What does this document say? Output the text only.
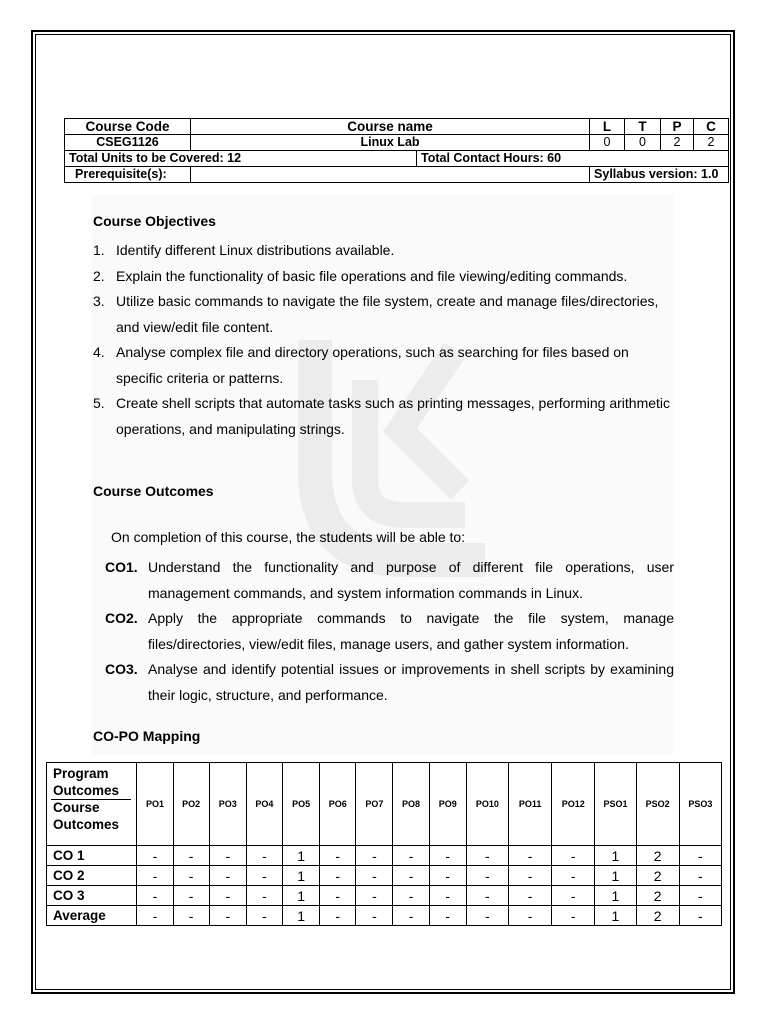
Course Code	Course name		L	T	P	C
CSEG1126	Linux Lab		0	0	2	2
Total Units to be Covered: 12		Total Contact Hours: 60				
Prerequisite(s):			Syllabus version: 1.0			
Course Objectives
1. Identify different Linux distributions available.
2. Explain the functionality of basic file operations and file viewing/editing commands.
3. Utilize basic commands to navigate the file system, create and manage files/directories, and view/edit file content.
4. Analyse complex file and directory operations, such as searching for files based on specific criteria or patterns.
5. Create shell scripts that automate tasks such as printing messages, performing arithmetic operations, and manipulating strings.
Course Outcomes
On completion of this course, the students will be able to:
CO1. Understand the functionality and purpose of different file operations, user management commands, and system information commands in Linux.
CO2. Apply the appropriate commands to navigate the file system, manage files/directories, view/edit files, manage users, and gather system information.
CO3. Analyse and identify potential issues or improvements in shell scripts by examining their logic, structure, and performance.
CO-PO Mapping
Program Outcomes
Course Outcomes	PO1	PO2	PO3	PO4	PO5	PO6	PO7	PO8	PO9	PO10	PO11	PO12	PSO1	PSO2	PSO3
CO 1	-	-	-	-	1	-	-	-	-	-	-	-	1	2	-
CO 2	-	-	-	-	1	-	-	-	-	-	-	-	1	2	-
CO 3	-	-	-	-	1	-	-	-	-	-	-	-	1	2	-
Average	-	-	-	-	1	-	-	-	-	-	-	-	1	2	-
